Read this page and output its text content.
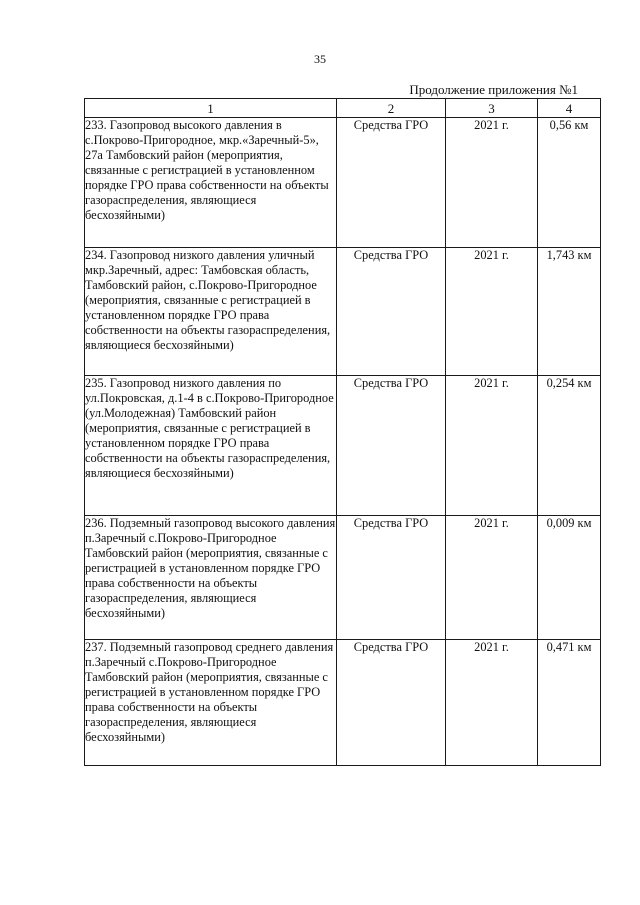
35
Продолжение приложения №1
1	2	3	4
233. Газопровод высокого давления в с.Покрово-Пригородное, мкр.«Заречный-5», 27а Тамбовский район (мероприятия, связанные с регистрацией в установленном порядке ГРО права собственности на объекты газораспределения, являющиеся бесхозяйными)	Средства ГРО	2021 г.	0,56 км
234. Газопровод низкого давления уличный мкр.Заречный, адрес: Тамбовская область, Тамбовский район, с.Покрово-Пригородное (мероприятия, связанные с регистрацией в установленном порядке ГРО права собственности на объекты газораспределения, являющиеся бесхозяйными)	Средства ГРО	2021 г.	1,743 км
235. Газопровод низкого давления по ул.Покровская, д.1-4 в с.Покрово-Пригородное (ул.Молодежная) Тамбовский район (мероприятия, связанные с регистрацией в установленном порядке ГРО права собственности на объекты газораспределения, являющиеся бесхозяйными)	Средства ГРО	2021 г.	0,254 км
236. Подземный газопровод высокого давления п.Заречный с.Покрово-Пригородное Тамбовский район (мероприятия, связанные с регистрацией в установленном порядке ГРО права собственности на объекты газораспределения, являющиеся бесхозяйными)	Средства ГРО	2021 г.	0,009 км
237. Подземный газопровод среднего давления п.Заречный с.Покрово-Пригородное Тамбовский район (мероприятия, связанные с регистрацией в установленном порядке ГРО права собственности на объекты газораспределения, являющиеся бесхозяйными)	Средства ГРО	2021 г.	0,471 км
